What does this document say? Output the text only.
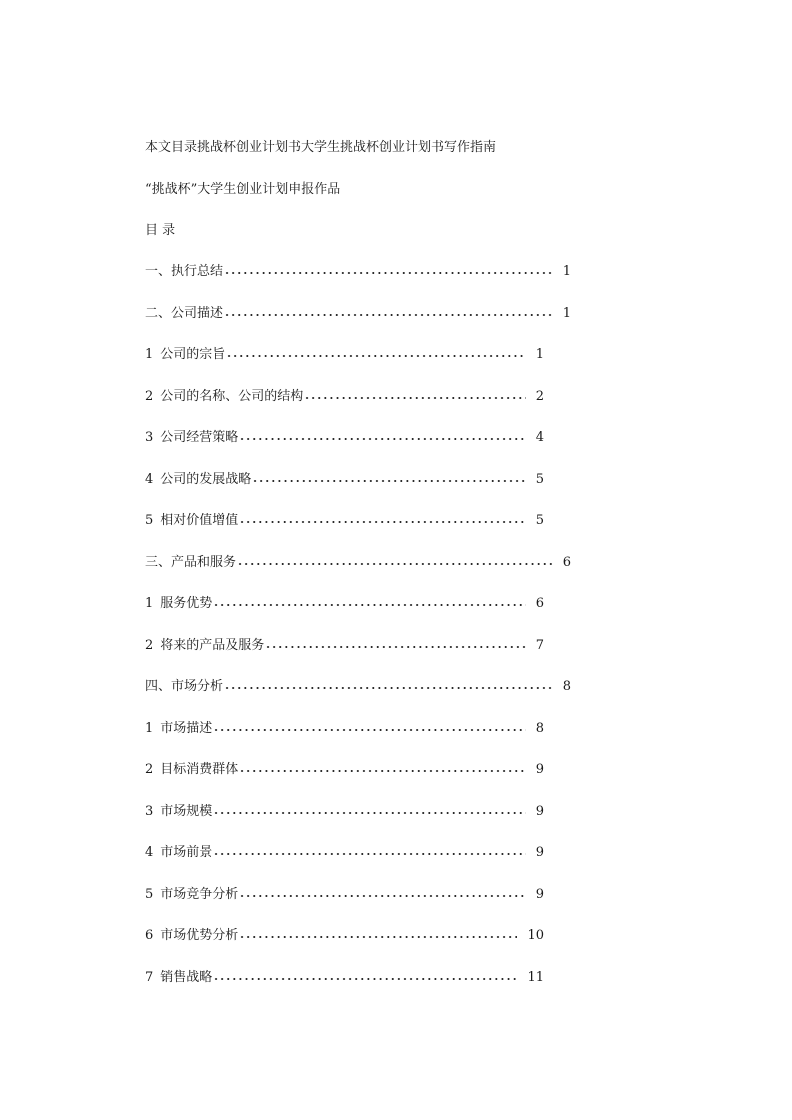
本文目录挑战杯创业计划书大学生挑战杯创业计划书写作指南
“挑战杯”大学生创业计划申报作品
目 录
一、执行总结	1
二、公司描述	1
1 公司的宗旨	1
2 公司的名称、公司的结构	2
3 公司经营策略	4
4 公司的发展战略	5
5 相对价值增值	5
三、产品和服务	6
1 服务优势	6
2 将来的产品及服务	7
四、市场分析	8
1 市场描述	8
2 目标消费群体	9
3 市场规模	9
4 市场前景	9
5 市场竞争分析	9
6 市场优势分析	10
7 销售战略	11
